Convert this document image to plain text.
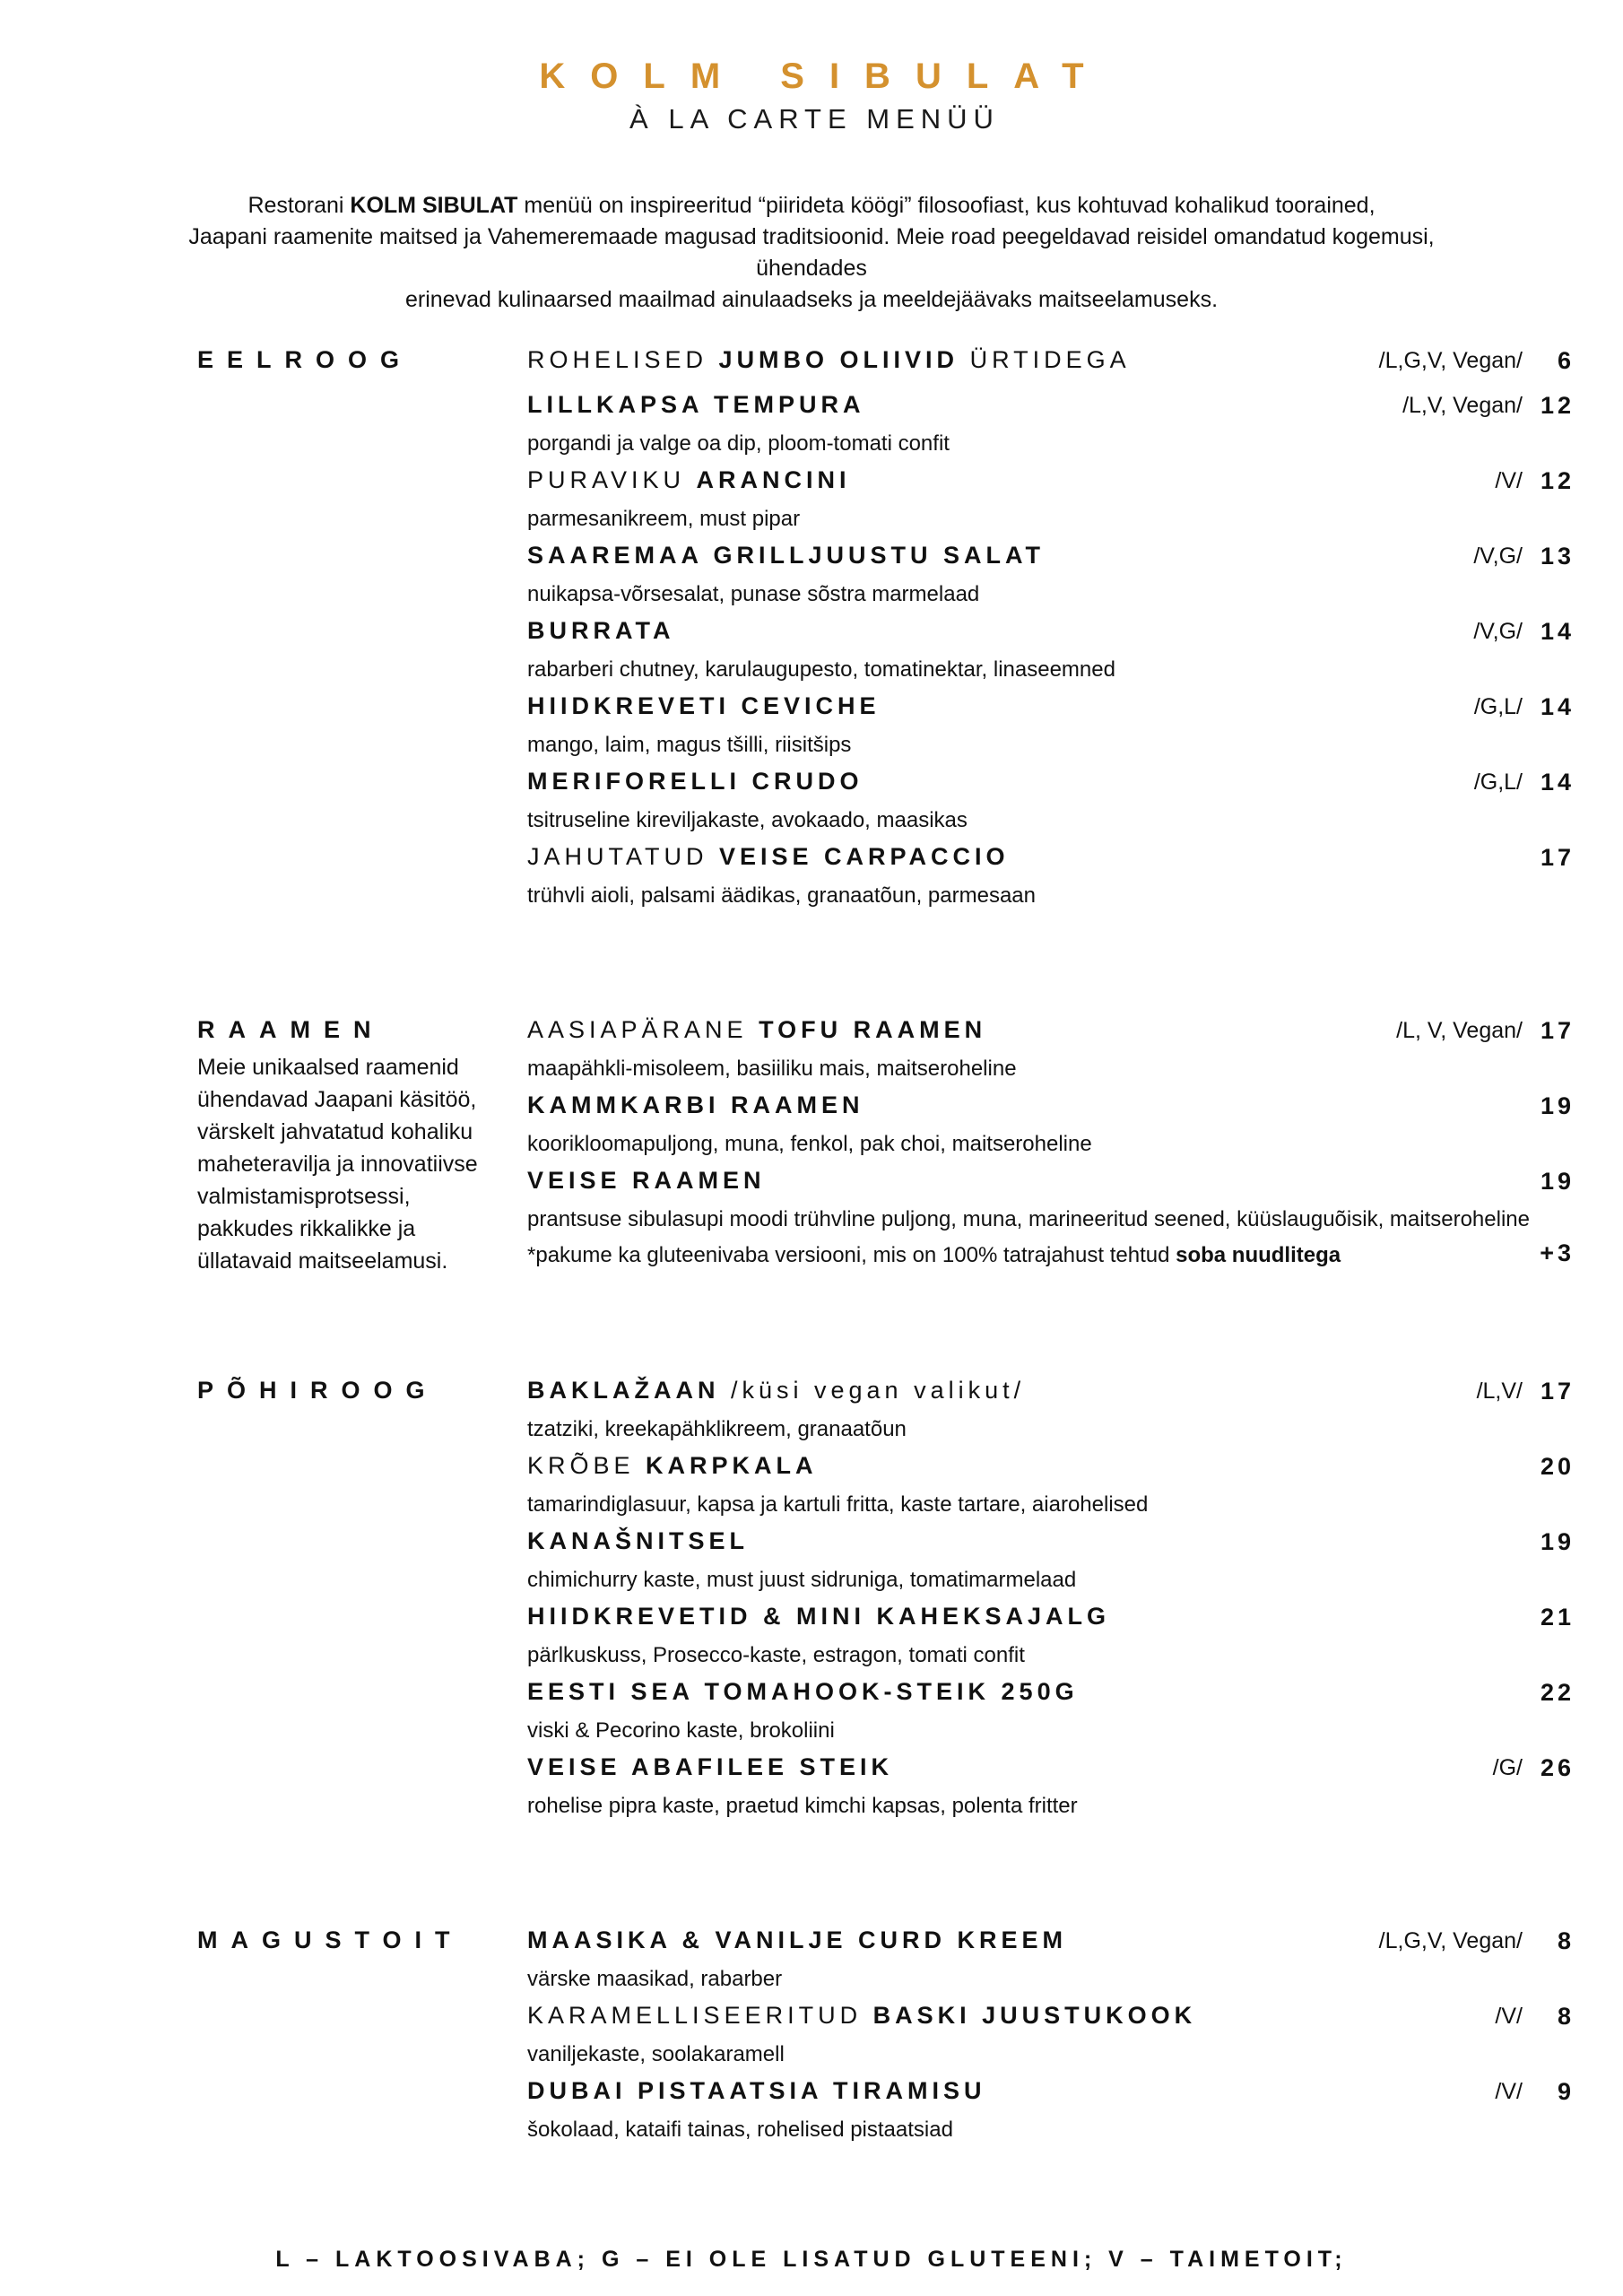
KOLM SIBULAT
À LA CARTE MENÜÜ
Restorani KOLM SIBULAT menüü on inspireeritud “piirideta köögi” filosoofiast, kus kohtuvad kohalikud toorained,
Jaapani raamenite maitsed ja Vahemeremaade magusad traditsioonid. Meie road peegeldavad reisidel omandatud kogemusi, ühendades
erinevad kulinaarsed maailmad ainulaadseks ja meeldejäävaks maitseelamuseks.
EELROOG	ROHELISED JUMBO OLIIVID ÜRTIDEGA	/L,G,V, Vegan/	6
LILLKAPSA TEMPURA	/L,V, Vegan/ 12
porgandi ja valge oa dip, ploom-tomati confit
PURAVIKU ARANCINI	/V/ 12
parmesanikreem, must pipar
SAAREMAA GRILLJUUSTU SALAT	/V,G/ 13
nuikapsa-võrsesalat, punase sõstra marmelaad
BURRATA	/V,G/ 14
rabarberi chutney, karulaugupesto, tomatinektar, linaseemned
HIIDKREVETI CEVICHE	/G,L/ 14
mango, laim, magus tšilli, riisitšips
MERIFORELLI CRUDO	/G,L/ 14
tsitruseline kireviljakaste, avokaado, maasikas
JAHUTATUD VEISE CARPACCIO	17
trühvli aioli, palsami äädikas, granaatõun, parmesaan
RAAMEN
Meie unikaalsed raamenid ühendavad Jaapani käsitöö, värskelt jahvatatud kohaliku maheteravilja ja innovatiivse valmistamisprotsessi, pakkudes rikkalikke ja üllatavaid maitseelamusi.
AASIAPÄRANE TOFU RAAMEN	/L, V, Vegan/ 17
maapähkli-misoleem, basiiliku mais, maitseroheline
KAMMKARBI RAAMEN	19
koorikloomapuljong, muna, fenkol, pak choi, maitseroheline
VEISE RAAMEN	19
prantsuse sibulasupi moodi trühvline puljong, muna, marineeritud seened, küüslauguõisik, maitseroheline
*pakume ka gluteenivaba versiooni, mis on 100% tatrajahust tehtud soba nuudlitega	+3
PÕHIROOG	BAKLAŽAAN /küsi vegan valikut/	/L,V/ 17
tzatziki, kreekapähklikreem, granaatõun
KRÕBE KARPKALA	20
tamarindiglasuur, kapsa ja kartuli fritta, kaste tartare, aiarohelised
KANAŠNITSEL	19
chimichurry kaste, must juust sidruniga, tomatimarmelaad
HIIDKREVETID & MINI KAHEKSAJALG	21
pärlkuskuss, Prosecco-kaste, estragon, tomati confit
EESTI SEA TOMAHOOK-STEIK 250G	22
viski & Pecorino kaste, brokoliini
VEISE ABAFILEE STEIK	/G/ 26
rohelise pipra kaste, praetud kimchi kapsas, polenta fritter
MAGUSTOIT	MAASIKA & VANILJE CURD KREEM	/L,G,V, Vegan/	8
värske maasikad, rabarber
KARAMELLISEERITUD BASKI JUUSTUKOOK	/V/	8
vaniljekaste, soolakaramell
DUBAI PISTAATSIA TIRAMISU	/V/	9
šokolaad, kataifi tainas, rohelised pistaatsiad
L – LAKTOOSIVABA; G – EI OLE LISATUD GLUTEENI; V – TAIMETOIT;
